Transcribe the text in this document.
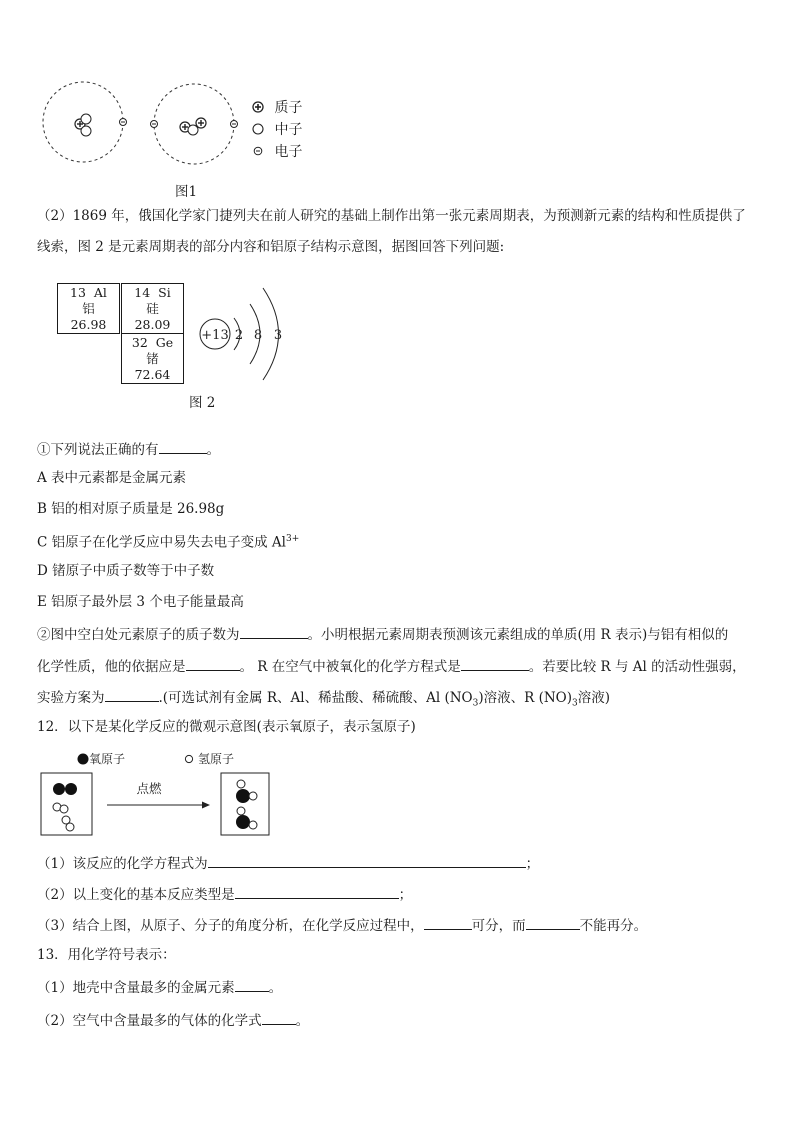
质子
中子
电子
图1
（2）1869 年，俄国化学家门捷列夫在前人研究的基础上制作出第一张元素周期表，为预测新元素的结构和性质提供了
线索，图 2 是元素周期表的部分内容和铝原子结构示意图，据图回答下列问题:
13 Al
铝
26.98
14 Si
硅
28.09
32 Ge
锗
72.64
+13 2 8 3
图 2
①下列说法正确的有	。
A 表中元素都是金属元素
B 铝的相对原子质量是 26.98g
C 铝原子在化学反应中易失去电子变成 $Al^{3+}$
D 锗原子中质子数等于中子数
E 铝原子最外层 3 个电子能量最高
②图中空白处元素原子的质子数为	。小明根据元素周期表预测该元素组成的单质(用 R 表示)与铝有相似的
化学性质，他的依据应是	。 R 在空气中被氧化的化学方程式是	。若要比较 R 与 Al 的活动性强弱，
实验方案为	.(可选试剂有金属 R、Al、稀盐酸、稀硫酸、Al $(NO_3)$溶液、R $(NO)_3$溶液)
12．以下是某化学反应的微观示意图(表示氧原子，表示氢原子)
氧原子	氢原子
点燃
（1）该反应的化学方程式为	；
（2）以上变化的基本反应类型是	；
（3）结合上图，从原子、分子的角度分析，在化学反应过程中，	可分，而	不能再分。
13．用化学符号表示：
（1）地壳中含量最多的金属元素	。
（2）空气中含量最多的气体的化学式	。
